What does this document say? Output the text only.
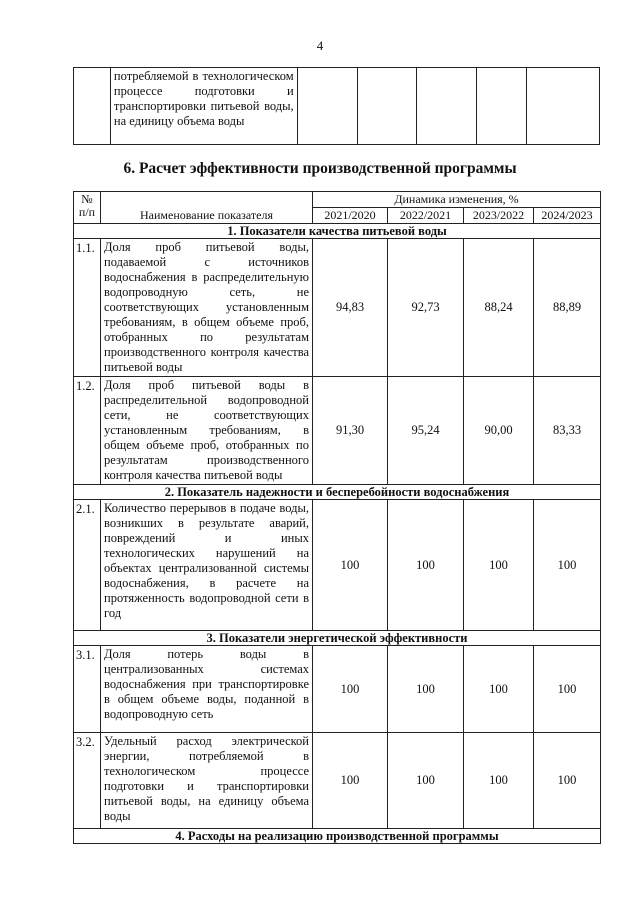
4
	потребляемой в технологическом процессе подготовки и транспортировки питьевой воды, на единицу объема воды					
6. Расчет эффективности производственной программы
№
п/п	Наименование показателя	Динамика изменения, %			
		2021/2020	2022/2021	2023/2022	2024/2023
1. Показатели качества питьевой воды					
1.1.	Доля проб питьевой воды, подаваемой с источников водоснабжения в распределительную водопроводную сеть, не соответствующих установленным требованиям, в общем объеме проб, отобранных по результатам производственного контроля качества питьевой воды	94,83	92,73	88,24	88,89
1.2.	Доля проб питьевой воды в распределительной водопроводной сети, не соответствующих установленным требованиям, в общем объеме проб, отобранных по результатам производственного контроля качества питьевой воды	91,30	95,24	90,00	83,33
2. Показатель надежности и бесперебойности водоснабжения					
2.1.	Количество перерывов в подаче воды, возникших в результате аварий, повреждений и иных технологических нарушений на объектах централизованной системы водоснабжения, в расчете на протяженность водопроводной сети в год	100	100	100	100
3. Показатели энергетической эффективности					
3.1.	Доля потерь воды в централизованных системах водоснабжения при транспортировке в общем объеме воды, поданной в водопроводную сеть	100	100	100	100
3.2.	Удельный расход электрической энергии, потребляемой в технологическом процессе подготовки и транспортировки питьевой воды, на единицу объема воды	100	100	100	100
4. Расходы на реализацию производственной программы					
